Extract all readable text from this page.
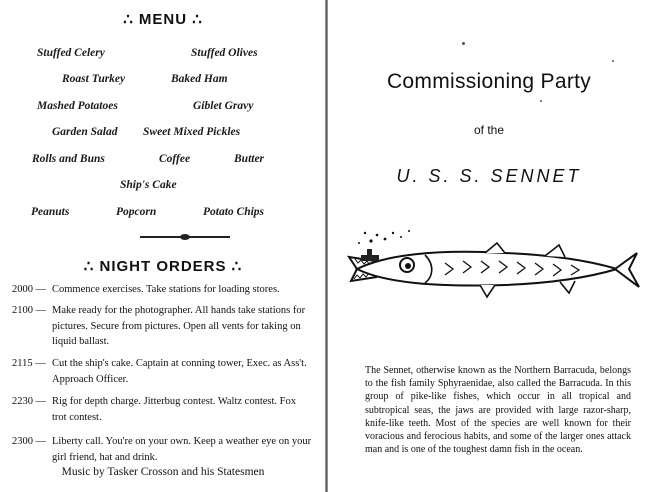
∴ MENU ∴
Stuffed Celery	Stuffed Olives
Roast Turkey	Baked Ham
Mashed Potatoes	Giblet Gravy
Garden Salad Sweet Mixed Pickles
Rolls and Buns	Coffee	Butter
Ship's Cake
Peanuts	Popcorn	Potato Chips
∴ NIGHT ORDERS ∴
2000 — Commence exercises. Take stations for loading stores.
2100 — Make ready for the photographer. All hands take stations for pictures. Secure from pictures. Open all vents for taking on liquid ballast.
2115 — Cut the ship's cake. Captain at conning tower, Exec. as Ass't. Approach Officer.
2230 — Rig for depth charge. Jitterbug contest. Waltz contest. Fox trot contest.
2300 — Liberty call. You're on your own. Keep a weather eye on your girl friend, hat and drink.
Music by Tasker Crosson and his Statesmen
Commissioning Party
of the
U. S. S. SENNET
The Sennet, otherwise known as the Northern Barracuda, belongs to the fish family Sphyraenidae, also called the Barracuda. In this group of pike-like fishes, which occur in all tropical and subtropical seas, the jaws are provided with large razor-sharp, knife-like teeth. Most of the species are well known for their voracious and ferocious habits, and some of the larger ones attack man and is one of the toughest damn fish in the ocean.
